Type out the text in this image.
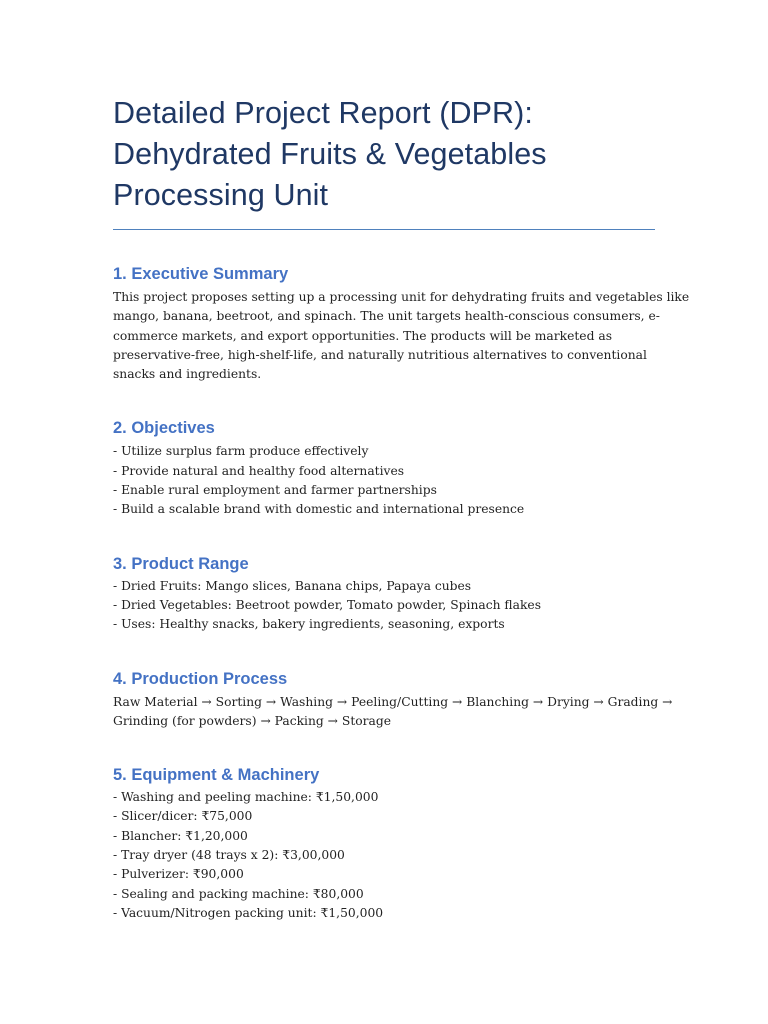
Detailed Project Report (DPR):
Dehydrated Fruits & Vegetables
Processing Unit
1. Executive Summary

This project proposes setting up a processing unit for dehydrating fruits and vegetables like
mango, banana, beetroot, and spinach. The unit targets health-conscious consumers, e-
commerce markets, and export opportunities. The products will be marketed as
preservative-free, high-shelf-life, and naturally nutritious alternatives to conventional
snacks and ingredients.

2. Objectives
- Utilize surplus farm produce effectively
- Provide natural and healthy food alternatives
- Enable rural employment and farmer partnerships
- Build a scalable brand with domestic and international presence
3. Product Range
- Dried Fruits: Mango slices, Banana chips, Papaya cubes
- Dried Vegetables: Beetroot powder, Tomato powder, Spinach flakes
- Uses: Healthy snacks, bakery ingredients, seasoning, exports
4. Production Process

Raw Material → Sorting → Washing → Peeling/Cutting → Blanching → Drying → Grading →
Grinding (for powders) → Packing → Storage

5. Equipment & Machinery
- Washing and peeling machine: ₹1,50,000
- Slicer/dicer: ₹75,000
- Blancher: ₹1,20,000
- Tray dryer (48 trays x 2): ₹3,00,000
- Pulverizer: ₹90,000
- Sealing and packing machine: ₹80,000
- Vacuum/Nitrogen packing unit: ₹1,50,000
